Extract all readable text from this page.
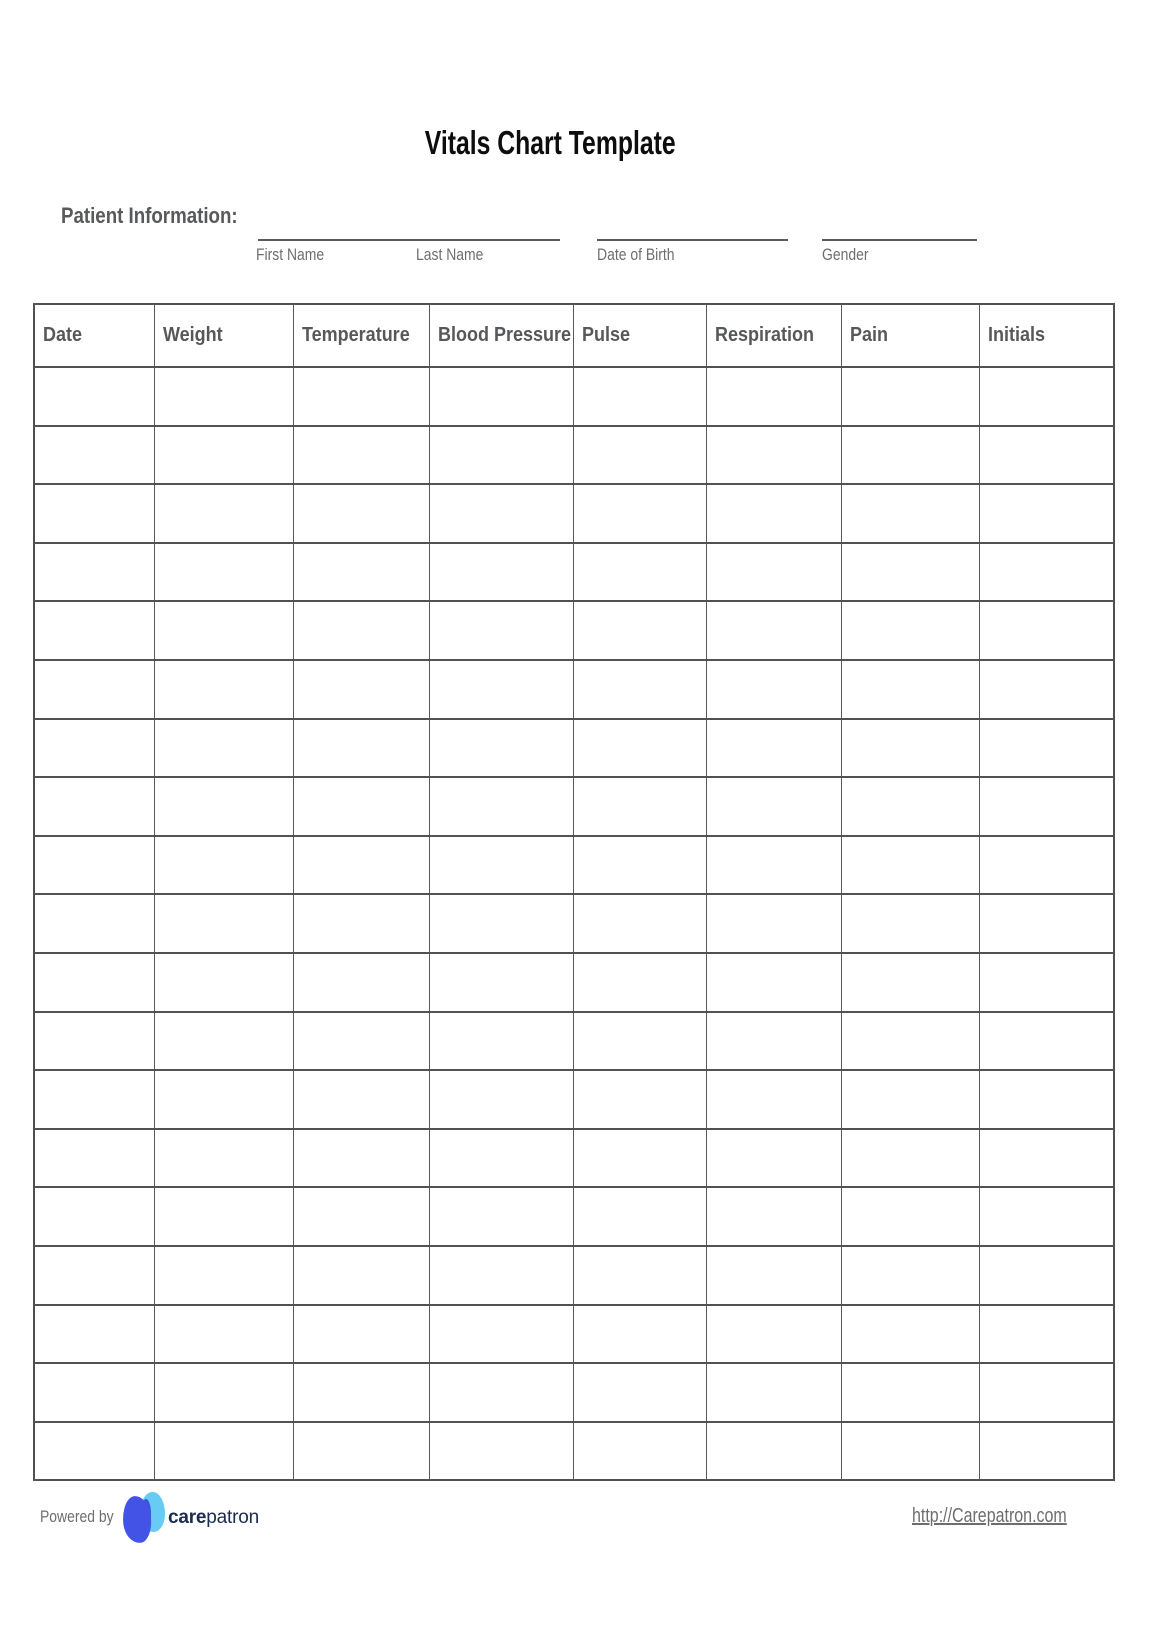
Vitals Chart Template
Patient Information:
First Name	Last Name	Date of Birth	Gender
Date	Weight	Temperature	Blood Pressure	Pulse	Respiration	Pain	Initials

Powered by	carepatron	http://Carepatron.com
